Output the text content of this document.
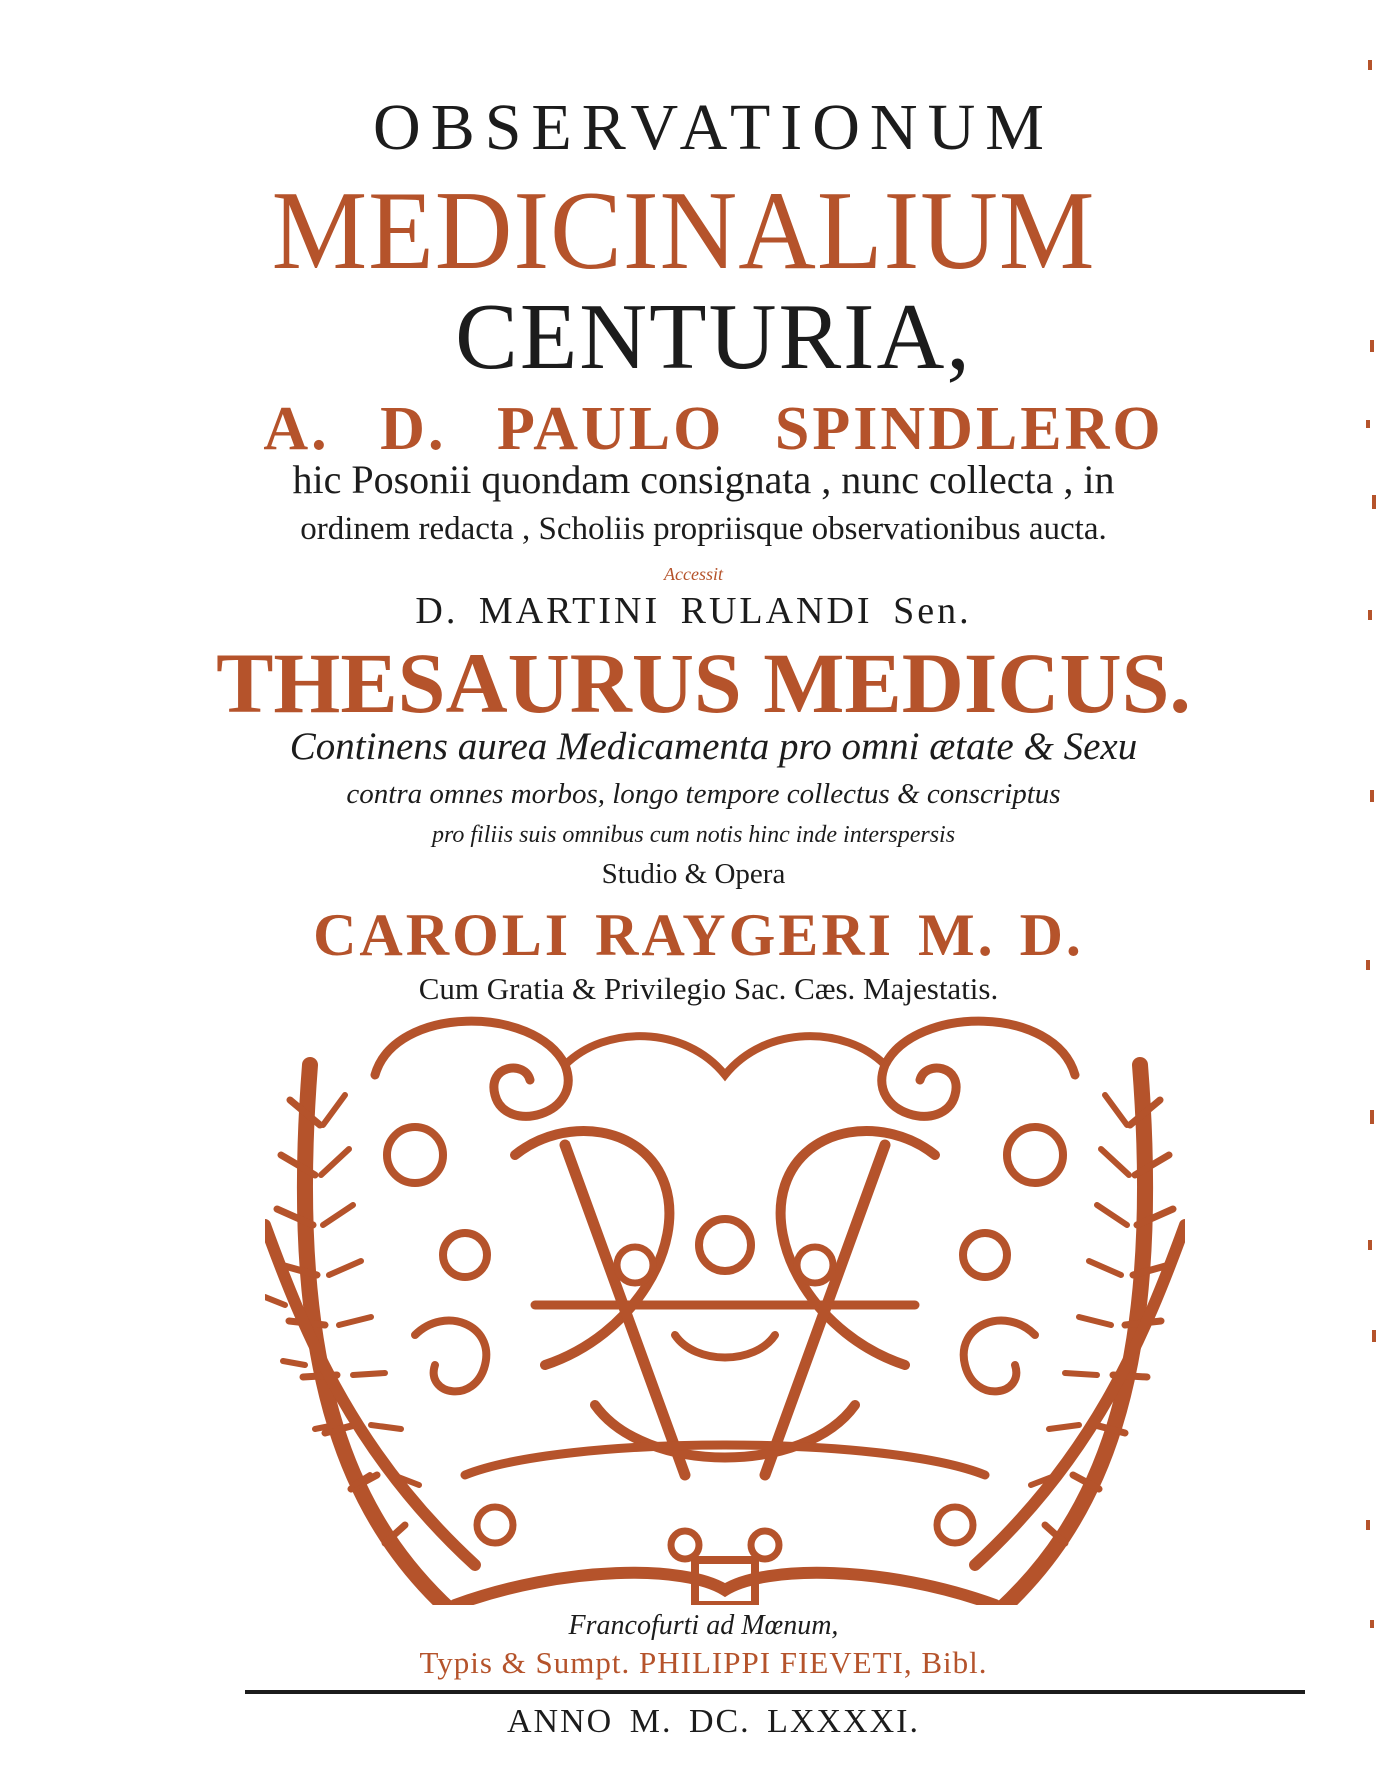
OBSERVATIONUM
MEDICINALIUM
CENTURIA,
A. D. PAULO SPINDLERO
hic Posonii quondam consignata , nunc collecta , in
ordinem redacta , Scholiis propriisque observationibus aucta.
Accessit
D. MARTINI RULANDI Sen.
THESAURUS MEDICUS.
Continens aurea Medicamenta pro omni ætate & Sexu
contra omnes morbos, longo tempore collectus & conscriptus
pro filiis suis omnibus cum notis hinc inde interspersis
Studio & Opera
CAROLI RAYGERI M. D.
Cum Gratia & Privilegio Sac. Cæs. Majestatis.
Francofurti ad Mœnum,
Typis & Sumpt. PHILIPPI FIEVETI, Bibl.
ANNO M. DC. LXXXXI.
